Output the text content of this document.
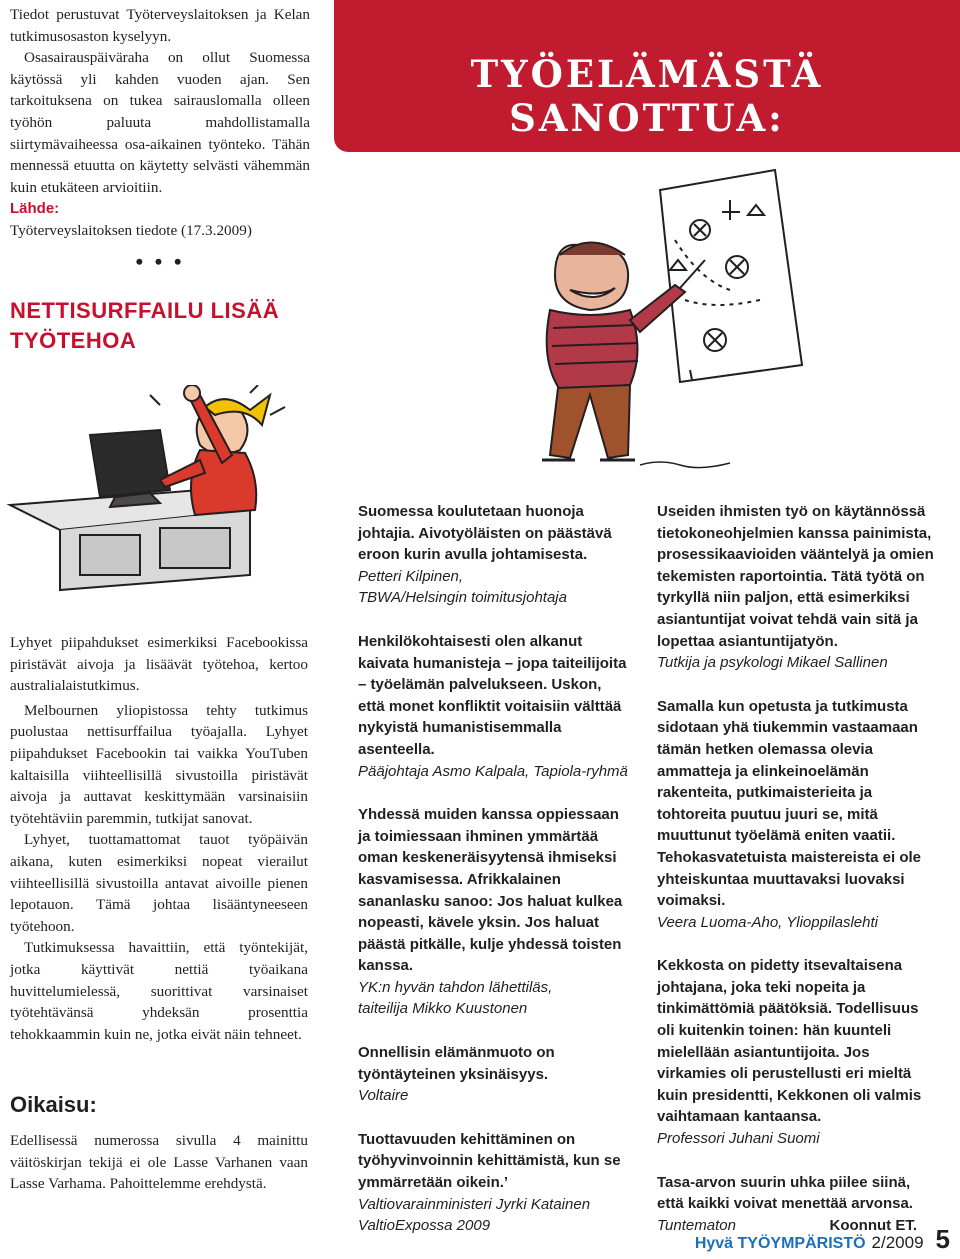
Tiedot perustuvat Työterveyslaitoksen ja Kelan tutkimusosaston kyselyyn.

Osasairauspäiväraha on ollut Suomessa käytössä yli kahden vuoden ajan. Sen tarkoituksena on tukea sairauslomalla olleen työhön paluuta mahdollistamalla siirtymävaiheessa osa-aikainen työnteko. Tähän mennessä etuutta on käytetty selvästi vähemmän kuin etukäteen arvioitiin.

Lähde:

Työterveyslaitoksen tiedote (17.3.2009)

• • •

NETTISURFFAILU LISÄÄ

TYÖTEHOA

TYÖELÄMÄSTÄ SANOTTUA:

Lyhyet piipahdukset esimerkiksi Facebookissa piristävät aivoja ja lisäävät työtehoa, kertoo australialaistutkimus.

Melbournen yliopistossa tehty tutkimus puolustaa nettisurffailua työajalla. Lyhyet piipahdukset Facebookin tai vaikka YouTuben kaltaisilla viihteellisillä sivustoilla piristävät aivoja ja auttavat keskittymään varsinaisiin työtehtäviin paremmin, tutkijat sanovat.

Lyhyet, tuottamattomat tauot työpäivän aikana, kuten esimerkiksi nopeat vierailut viihteellisillä sivustoilla antavat aivoille pienen lepotauon. Tämä johtaa lisääntyneeseen työtehoon.

Tutkimuksessa havaittiin, että työntekijät, jotka käyttivät nettiä työaikana huvittelumielessä, suorittivat varsinaiset työtehtävänsä yhdeksän prosenttia tehokkaammin kuin ne, jotka eivät näin tehneet.

Oikaisu:

Edellisessä numerossa sivulla 4 mainittu väitöskirjan tekijä ei ole Lasse Varhanen vaan Lasse Varhama. Pahoittelemme erehdystä.

Suomessa koulutetaan huonoja johtajia. Aivotyöläisten on päästävä eroon kurin avulla johtamisesta.

Petteri Kilpinen,

TBWA/Helsingin toimitusjohtaja

Henkilökohtaisesti olen alkanut kaivata humanisteja – jopa taiteilijoita – työelämän palvelukseen. Uskon, että monet konfliktit voitaisiin välttää nykyistä humanistisemmalla asenteella.

Pääjohtaja Asmo Kalpala, Tapiola-ryhmä

Yhdessä muiden kanssa oppiessaan ja toimiessaan ihminen ymmärtää oman keskeneräisyytensä ihmiseksi kasvamisessa. Afrikkalainen sananlasku sanoo: Jos haluat kulkea nopeasti, kävele yksin. Jos haluat päästä pitkälle, kulje yhdessä toisten kanssa.

YK:n hyvän tahdon lähettiläs,

taiteilija Mikko Kuustonen

Onnellisin elämänmuoto on työntäyteinen yksinäisyys.

Voltaire

Tuottavuuden kehittäminen on työhyvinvoinnin kehittämistä, kun se ymmärretään oikein.’

Valtiovarainministeri Jyrki Katainen

ValtioExpossa 2009

Useiden ihmisten työ on käytännössä tietokoneohjelmien kanssa painimista, prosessikaavioiden vääntelyä ja omien tekemisten raportointia. Tätä työtä on tyrkyllä niin paljon, että esimerkiksi asiantuntijat voivat tehdä vain sitä ja lopettaa asiantuntijatyön.

Tutkija ja psykologi Mikael Sallinen

Samalla kun opetusta ja tutkimusta sidotaan yhä tiukemmin vastaamaan tämän hetken olemassa olevia ammatteja ja elinkeinoelämän rakenteita, putkimaisterieita ja tohtoreita puutuu juuri se, mitä muuttunut työelämä eniten vaatii. Tehokasvatetuista maistereista ei ole yhteiskuntaa muuttavaksi luovaksi voimaksi.

Veera Luoma-Aho, Ylioppilaslehti

Kekkosta on pidetty itsevaltaisena johtajana, joka teki nopeita ja tinkimättömiä päätöksiä. Todellisuus oli kuitenkin toinen: hän kuunteli mielellään asiantuntijoita. Jos virkamies oli perustellusti eri mieltä kuin presidentti, Kekkonen oli valmis vaihtamaan kantaansa.

Professori Juhani Suomi

Tasa-arvon suurin uhka piilee siinä, että kaikki voivat menettää arvonsa.

Tuntematon	Koonnut ET.
Hyvä TYÖYMPÄRISTÖ 2/2009 5
